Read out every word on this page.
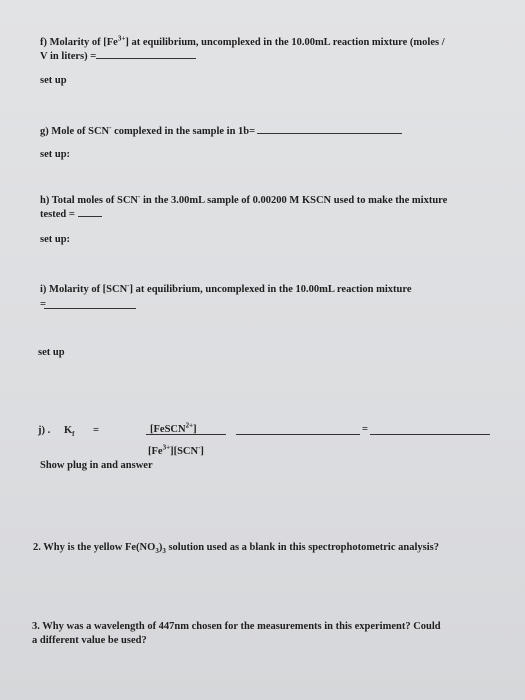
f) Molarity of $[Fe^{3+}]$ at equilibrium, uncomplexed in the 10.00mL reaction mixture (moles /
V in liters) =
set up
g) Mole of SCN- complexed in the sample in 1b=
set up:
h) Total moles of SCN- in the 3.00mL sample of 0.00200 M KSCN used to make the mixture
tested =
set up:
i) Molarity of [SCN-] at equilibrium, uncomplexed in the 10.00mL reaction mixture
=
set up
j) . $K_f$ =	[FeSCN$^{2+}$]	=
$[Fe^{3+}][SCN^-]$
Show plug in and answer
2. Why is the yellow $Fe(NO_3)_3$ solution used as a blank in this spectrophotometric analysis?
3. Why was a wavelength of 447nm chosen for the measurements in this experiment? Could
a different value be used?
